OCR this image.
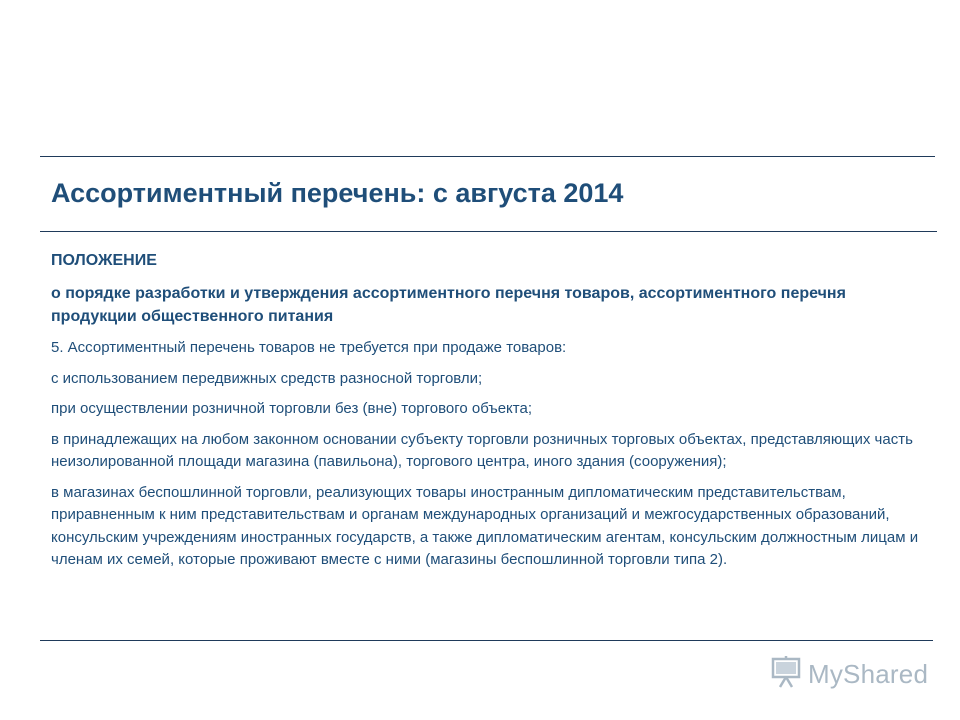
Ассортиментный перечень: с августа 2014
ПОЛОЖЕНИЕ
о порядке разработки и утверждения ассортиментного перечня товаров, ассортиментного перечня продукции общественного питания
5. Ассортиментный перечень товаров не требуется при продаже товаров:
с использованием передвижных средств разносной торговли;
при осуществлении розничной торговли без (вне) торгового объекта;
в принадлежащих на любом законном основании субъекту торговли розничных торговых объектах, представляющих часть неизолированной площади магазина (павильона), торгового центра, иного здания (сооружения);
в магазинах беспошлинной торговли, реализующих товары иностранным дипломатическим представительствам, приравненным к ним представительствам и органам международных организаций и межгосударственных образований, консульским учреждениям иностранных государств, а также дипломатическим агентам, консульским должностным лицам и членам их семей, которые проживают вместе с ними (магазины беспошлинной торговли типа 2).
MyShared
